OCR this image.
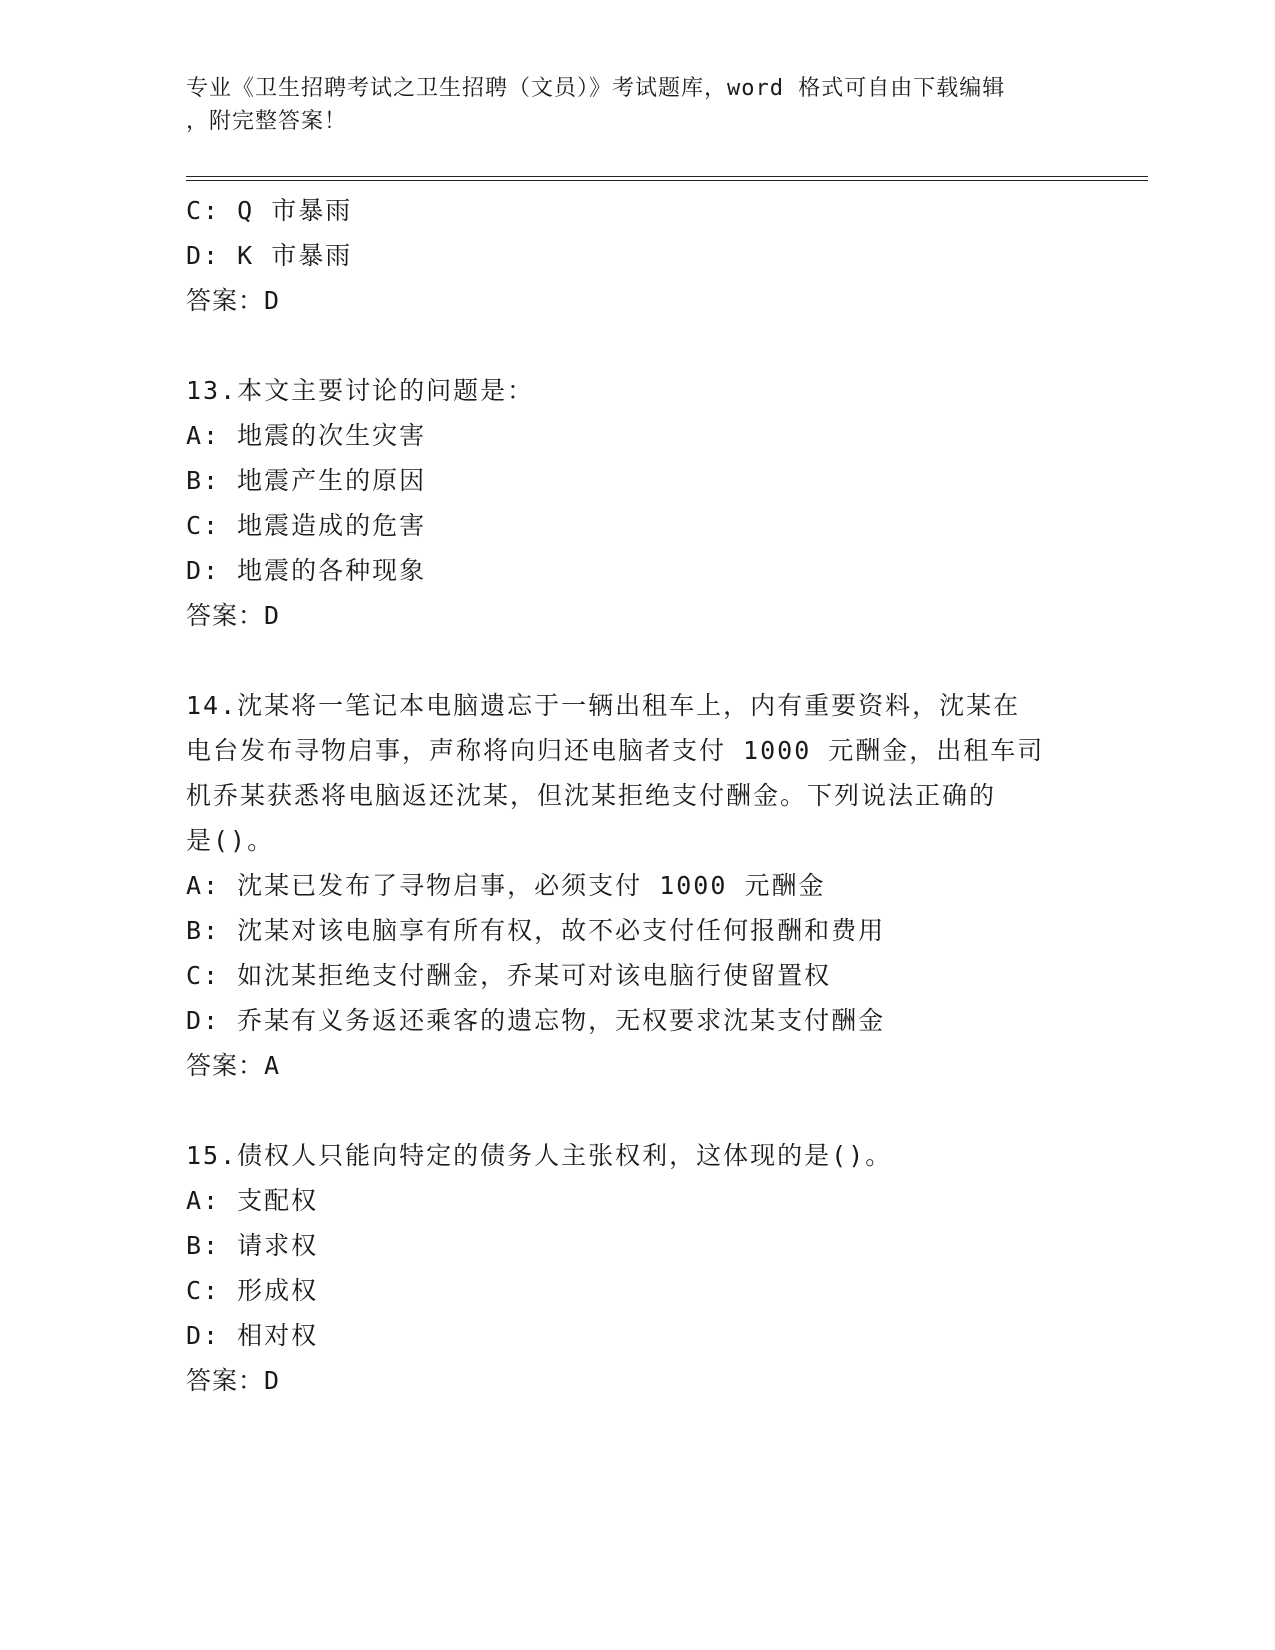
专业《卫生招聘考试之卫生招聘（文员）》考试题库，word 格式可自由下载编辑
，附完整答案！
C: Q 市暴雨
D: K 市暴雨
答案：D
13.本文主要讨论的问题是：
A: 地震的次生灾害
B: 地震产生的原因
C: 地震造成的危害
D: 地震的各种现象
答案：D
14.沈某将一笔记本电脑遗忘于一辆出租车上，内有重要资料，沈某在
电台发布寻物启事，声称将向归还电脑者支付 1000 元酬金，出租车司
机乔某获悉将电脑返还沈某，但沈某拒绝支付酬金。下列说法正确的
是()。
A: 沈某已发布了寻物启事，必须支付 1000 元酬金
B: 沈某对该电脑享有所有权，故不必支付任何报酬和费用
C: 如沈某拒绝支付酬金，乔某可对该电脑行使留置权
D: 乔某有义务返还乘客的遗忘物，无权要求沈某支付酬金
答案：A
15.债权人只能向特定的债务人主张权利，这体现的是()。
A: 支配权
B: 请求权
C: 形成权
D: 相对权
答案：D
